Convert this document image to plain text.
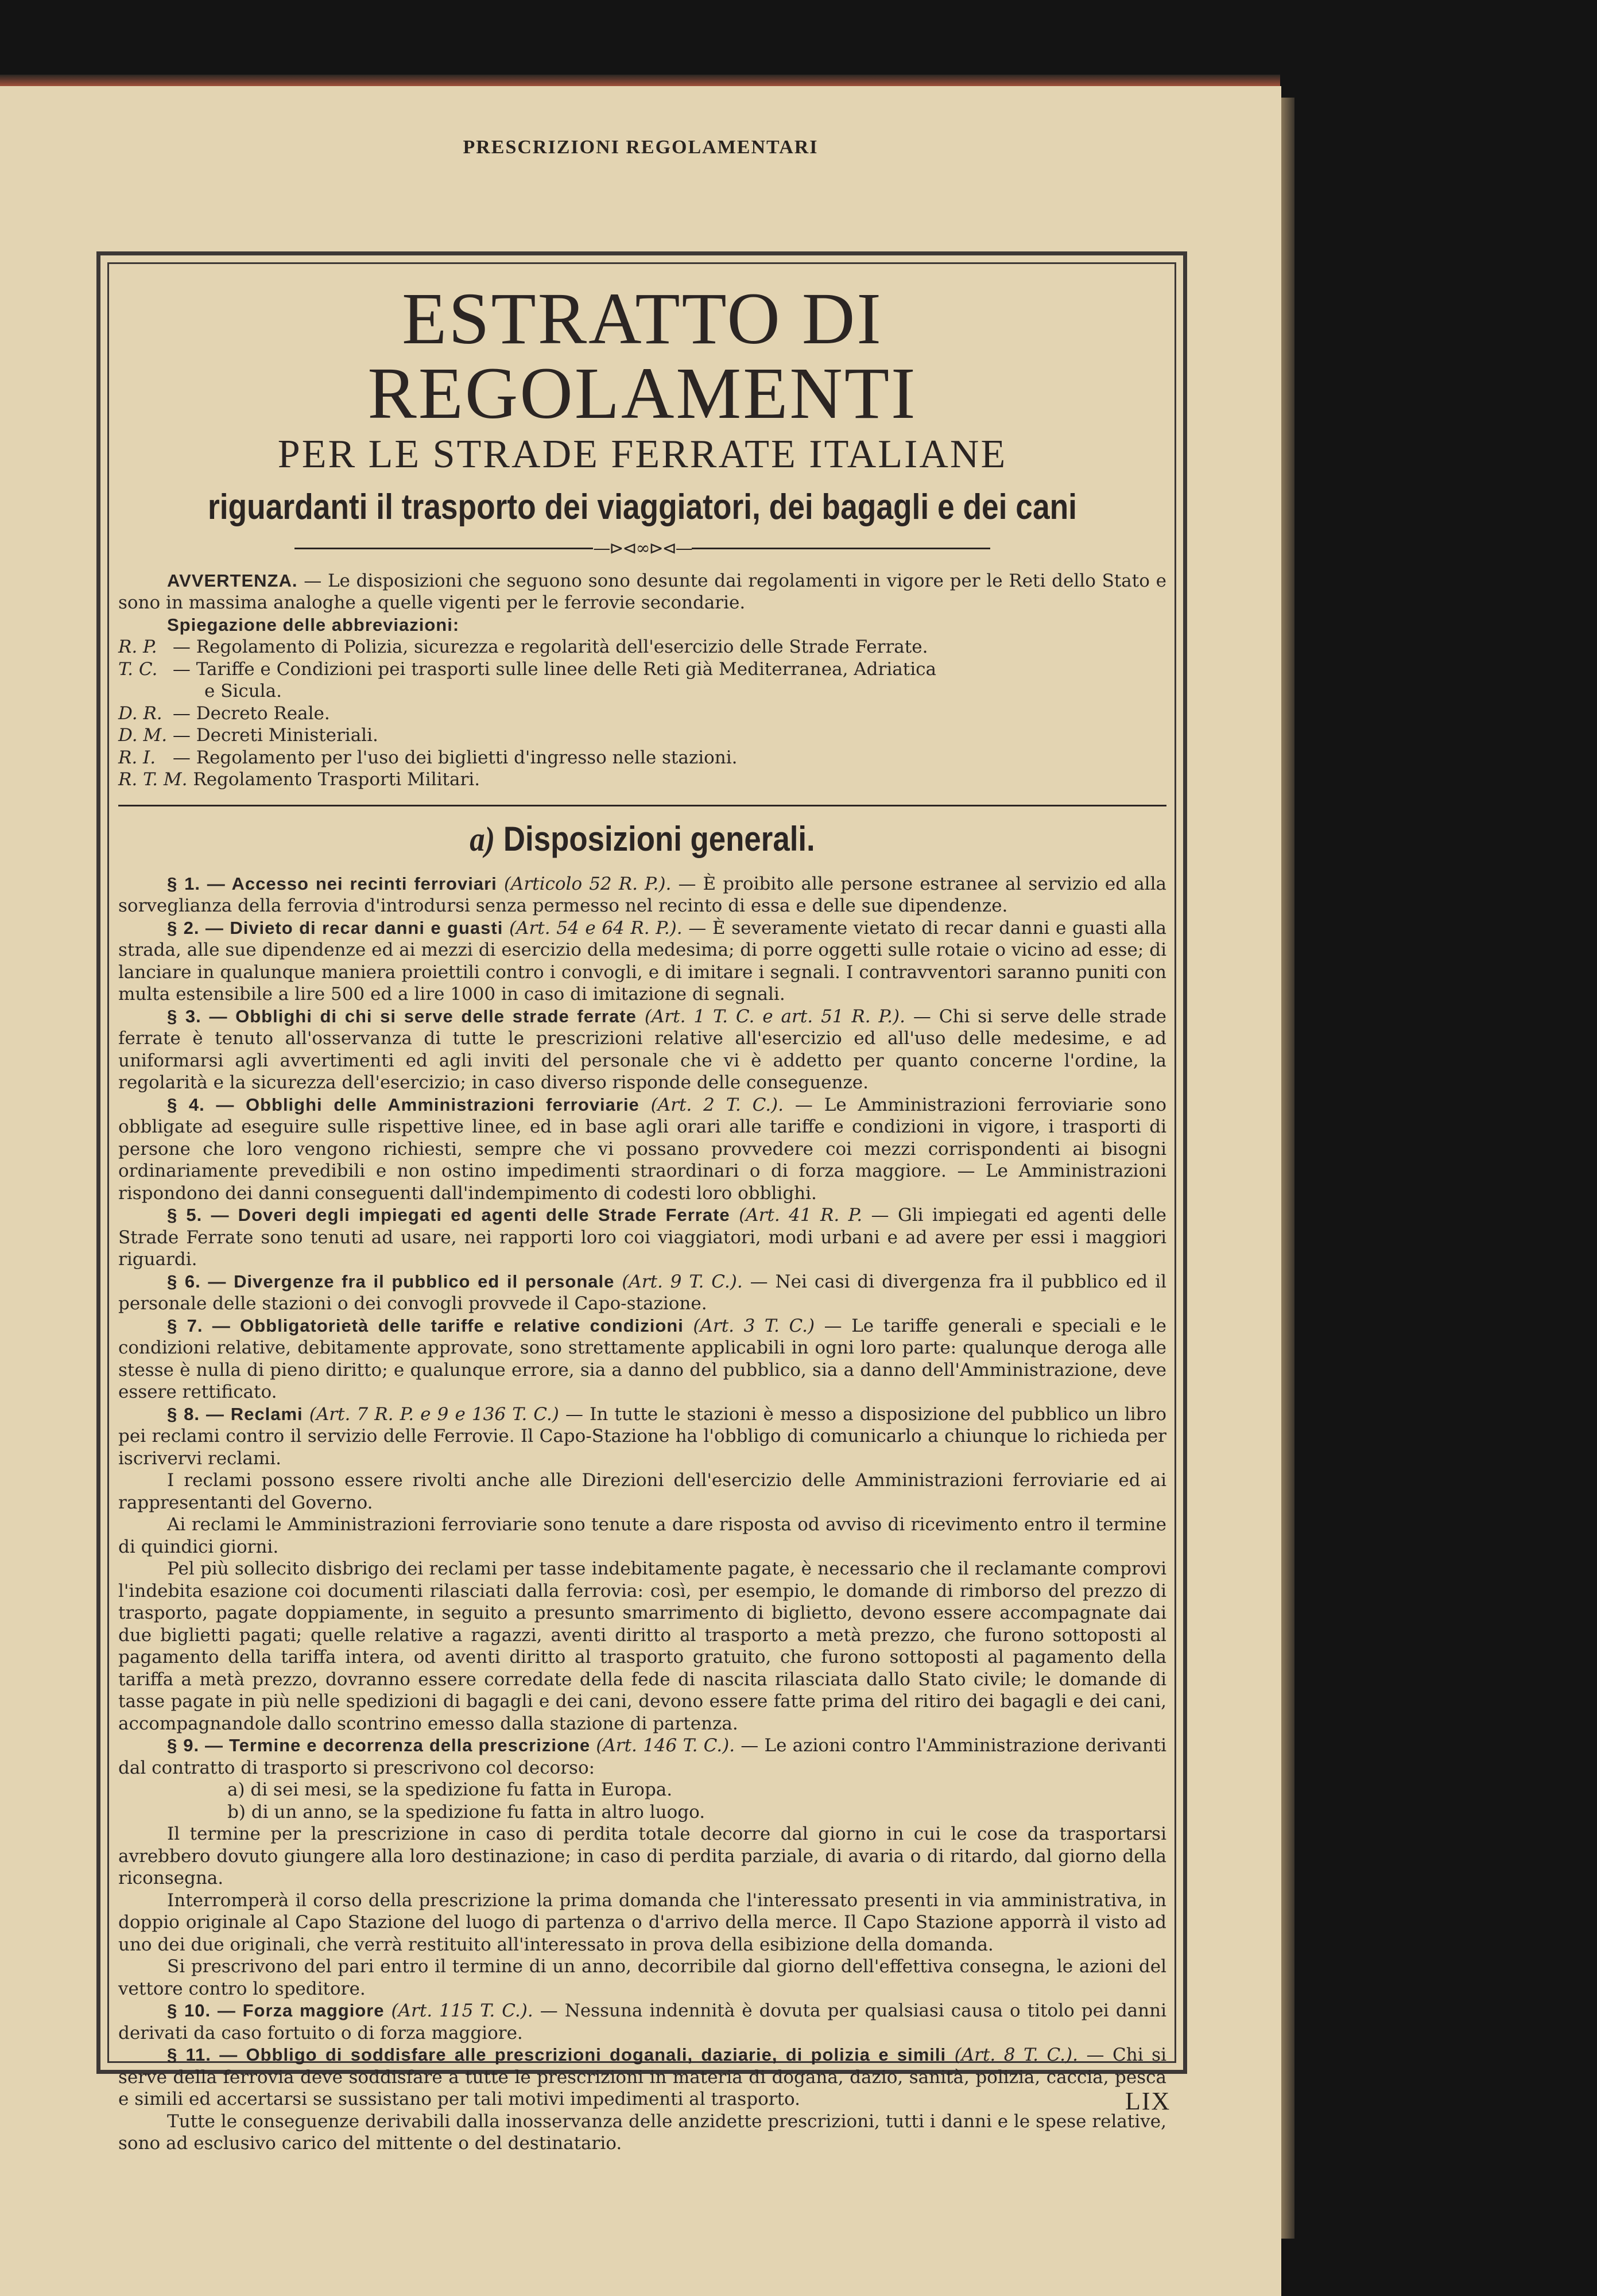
PRESCRIZIONI REGOLAMENTARI
ESTRATTO DI REGOLAMENTI
PER LE STRADE FERRATE ITALIANE
riguardanti il trasporto dei viaggiatori, dei bagagli e dei cani
—⊳⊲∞⊳⊲—

AVVERTENZA. — Le disposizioni che seguono sono desunte dai regolamenti in vigore per le Reti dello Stato e sono in massima analoghe a quelle vigenti per le ferrovie secondarie.

Spiegazione delle abbreviazioni:

R. P. — Regolamento di Polizia, sicurezza e regolarità dell'esercizio delle Strade Ferrate.
T. C. — Tariffe e Condizioni pei trasporti sulle linee delle Reti già Mediterranea, Adriatica
e Sicula.
D. R. — Decreto Reale.
D. M. — Decreti Ministeriali.
R. I. — Regolamento per l'uso dei biglietti d'ingresso nelle stazioni.
R. T. M. Regolamento Trasporti Militari.
a) Disposizioni generali.

§ 1. — Accesso nei recinti ferroviari (Articolo 52 R. P.). — È proibito alle persone estranee al servizio ed alla sorveglianza della ferrovia d'introdursi senza permesso nel recinto di essa e delle sue dipendenze.

§ 2. — Divieto di recar danni e guasti (Art. 54 e 64 R. P.). — È severamente vietato di recar danni e guasti alla strada, alle sue dipendenze ed ai mezzi di esercizio della medesima; di porre oggetti sulle rotaie o vicino ad esse; di lanciare in qualunque maniera proiettili contro i convogli, e di imitare i segnali. I contravventori saranno puniti con multa estensibile a lire 500 ed a lire 1000 in caso di imitazione di segnali.

§ 3. — Obblighi di chi si serve delle strade ferrate (Art. 1 T. C. e art. 51 R. P.). — Chi si serve delle strade ferrate è tenuto all'osservanza di tutte le prescrizioni relative all'esercizio ed all'uso delle medesime, e ad uniformarsi agli avvertimenti ed agli inviti del personale che vi è addetto per quanto concerne l'ordine, la regolarità e la sicurezza dell'esercizio; in caso diverso risponde delle conseguenze.

§ 4. — Obblighi delle Amministrazioni ferroviarie (Art. 2 T. C.). — Le Amministrazioni ferroviarie sono obbligate ad eseguire sulle rispettive linee, ed in base agli orari alle tariffe e condizioni in vigore, i trasporti di persone che loro vengono richiesti, sempre che vi possano provvedere coi mezzi corrispondenti ai bisogni ordinariamente prevedibili e non ostino impedimenti straordinari o di forza maggiore. — Le Amministrazioni rispondono dei danni conseguenti dall'indempimento di codesti loro obblighi.

§ 5. — Doveri degli impiegati ed agenti delle Strade Ferrate (Art. 41 R. P. — Gli impiegati ed agenti delle Strade Ferrate sono tenuti ad usare, nei rapporti loro coi viaggiatori, modi urbani e ad avere per essi i maggiori riguardi.

§ 6. — Divergenze fra il pubblico ed il personale (Art. 9 T. C.). — Nei casi di divergenza fra il pubblico ed il personale delle stazioni o dei convogli provvede il Capo-stazione.

§ 7. — Obbligatorietà delle tariffe e relative condizioni (Art. 3 T. C.) — Le tariffe generali e speciali e le condizioni relative, debitamente approvate, sono strettamente applicabili in ogni loro parte: qualunque deroga alle stesse è nulla di pieno diritto; e qualunque errore, sia a danno del pubblico, sia a danno dell'Amministrazione, deve essere rettificato.

§ 8. — Reclami (Art. 7 R. P. e 9 e 136 T. C.) — In tutte le stazioni è messo a disposizione del pubblico un libro pei reclami contro il servizio delle Ferrovie. Il Capo-Stazione ha l'obbligo di comunicarlo a chiunque lo richieda per iscrivervi reclami.

I reclami possono essere rivolti anche alle Direzioni dell'esercizio delle Amministrazioni ferroviarie ed ai rappresentanti del Governo.

Ai reclami le Amministrazioni ferroviarie sono tenute a dare risposta od avviso di ricevimento entro il termine di quindici giorni.

Pel più sollecito disbrigo dei reclami per tasse indebitamente pagate, è necessario che il reclamante comprovi l'indebita esazione coi documenti rilasciati dalla ferrovia: così, per esempio, le domande di rimborso del prezzo di trasporto, pagate doppiamente, in seguito a presunto smarrimento di biglietto, devono essere accompagnate dai due biglietti pagati; quelle relative a ragazzi, aventi diritto al trasporto a metà prezzo, che furono sottoposti al pagamento della tariffa intera, od aventi diritto al trasporto gratuito, che furono sottoposti al pagamento della tariffa a metà prezzo, dovranno essere corredate della fede di nascita rilasciata dallo Stato civile; le domande di tasse pagate in più nelle spedizioni di bagagli e dei cani, devono essere fatte prima del ritiro dei bagagli e dei cani, accompagnandole dallo scontrino emesso dalla stazione di partenza.

§ 9. — Termine e decorrenza della prescrizione (Art. 146 T. C.). — Le azioni contro l'Amministrazione derivanti dal contratto di trasporto si prescrivono col decorso:

a) di sei mesi, se la spedizione fu fatta in Europa.

b) di un anno, se la spedizione fu fatta in altro luogo.

Il termine per la prescrizione in caso di perdita totale decorre dal giorno in cui le cose da trasportarsi avrebbero dovuto giungere alla loro destinazione; in caso di perdita parziale, di avaria o di ritardo, dal giorno della riconsegna.

Interromperà il corso della prescrizione la prima domanda che l'interessato presenti in via amministrativa, in doppio originale al Capo Stazione del luogo di partenza o d'arrivo della merce. Il Capo Stazione apporrà il visto ad uno dei due originali, che verrà restituito all'interessato in prova della esibizione della domanda.

Si prescrivono del pari entro il termine di un anno, decorribile dal giorno dell'effettiva consegna, le azioni del vettore contro lo speditore.

§ 10. — Forza maggiore (Art. 115 T. C.). — Nessuna indennità è dovuta per qualsiasi causa o titolo pei danni derivati da caso fortuito o di forza maggiore.

§ 11. — Obbligo di soddisfare alle prescrizioni doganali, daziarie, di polizia e simili (Art. 8 T. C.). — Chi si serve della ferrovia deve soddisfare a tutte le prescrizioni in materia di dogana, dazio, sanità, polizia, caccia, pesca e simili ed accertarsi se sussistano per tali motivi impedimenti al trasporto.

Tutte le conseguenze derivabili dalla inosservanza delle anzidette prescrizioni, tutti i danni e le spese relative, sono ad esclusivo carico del mittente o del destinatario.

LIX
